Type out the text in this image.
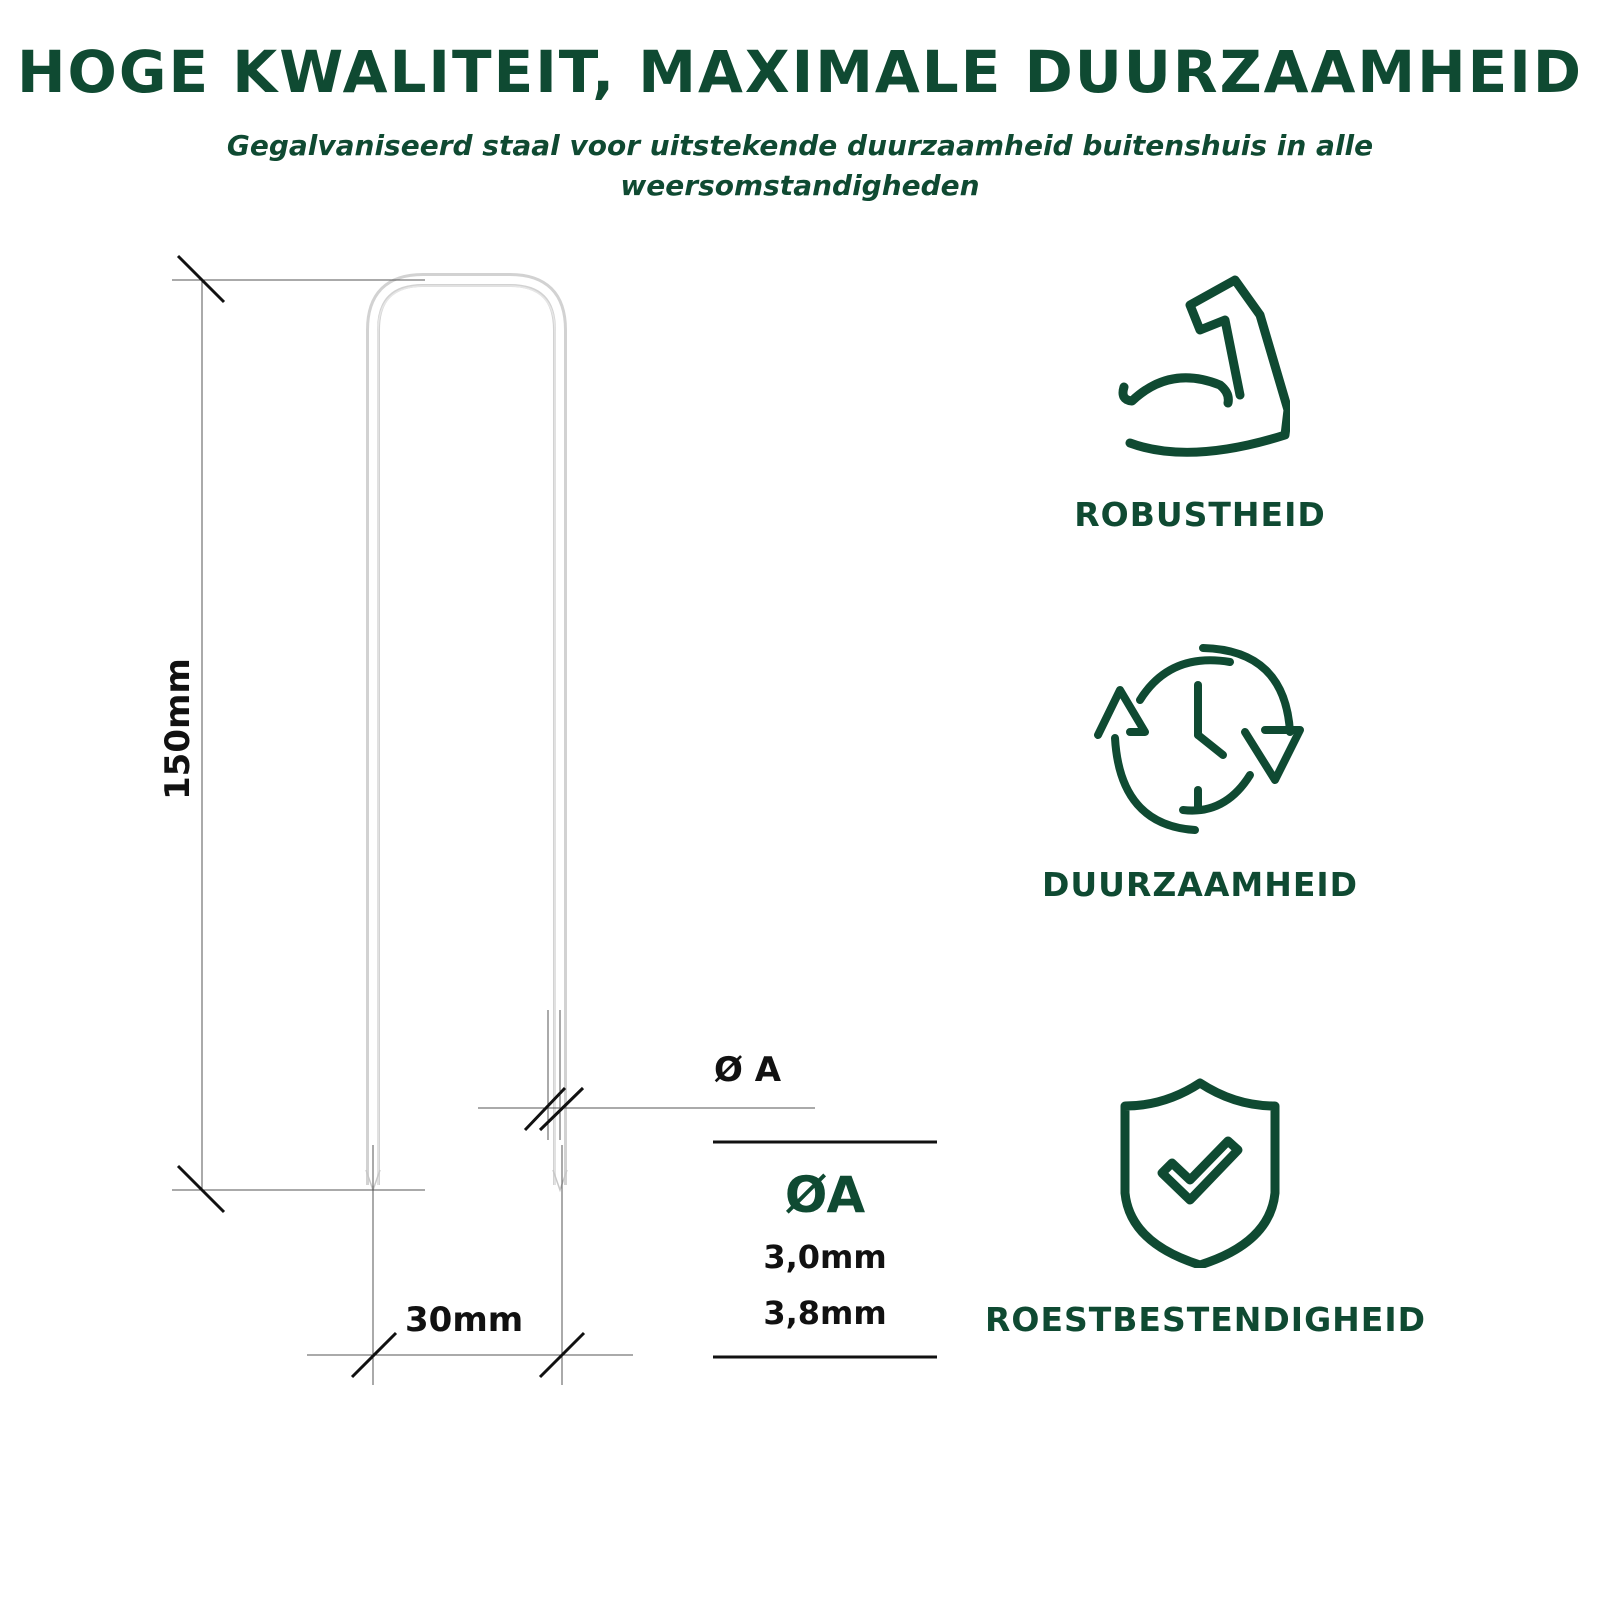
HOGE KWALITEIT, MAXIMALE DUURZAAMHEID
Gegalvaniseerd staal voor uitstekende duurzaamheid buitenshuis in alle weersomstandigheden
150mm
30mm
Ø A
ØA
3,0mm
3,8mm
ROBUSTHEID
DUURZAAMHEID
ROESTBESTENDIGHEID
